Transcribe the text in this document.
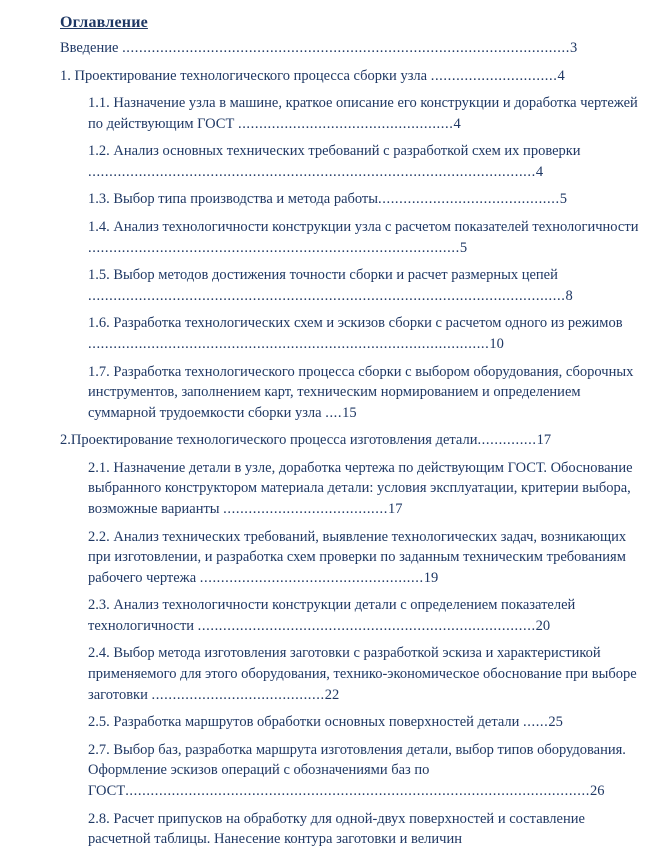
Оглавление
Введение ..........................................................................................................3
1. Проектирование технологического процесса сборки узла ..............................4
1.1. Назначение узла в машине, краткое описание его конструкции и доработка чертежей по действующим ГОСТ ...................................................4
1.2. Анализ основных технических требований с разработкой схем их проверки ..........................................................................................................4
1.3. Выбор типа производства и метода работы...........................................5
1.4. Анализ технологичности конструкции узла с расчетом показателей технологичности ........................................................................................5
1.5. Выбор методов достижения точности сборки и расчет размерных цепей .................................................................................................................8
1.6. Разработка технологических схем и эскизов сборки с расчетом одного из режимов ...............................................................................................10
1.7. Разработка технологического процесса сборки с выбором оборудования, сборочных инструментов, заполнением карт, техническим нормированием и определением суммарной трудоемкости сборки узла ....15
2.Проектирование технологического процесса изготовления детали..............17
2.1. Назначение детали в узле, доработка чертежа по действующим ГОСТ. Обоснование выбранного конструктором материала детали: условия эксплуатации, критерии выбора, возможные варианты .......................................17
2.2. Анализ технических требований, выявление технологических задач, возникающих при изготовлении, и разработка схем проверки по заданным техническим требованиям рабочего чертежа .....................................................19
2.3. Анализ технологичности конструкции детали с определением показателей технологичности ................................................................................20
2.4. Выбор метода изготовления заготовки с разработкой эскиза и характеристикой применяемого для этого оборудования, технико-экономическое обоснование при выборе заготовки .........................................22
2.5. Разработка маршрутов обработки основных поверхностей детали ......25
2.7. Выбор баз, разработка маршрута изготовления детали, выбор типов оборудования. Оформление эскизов операций с обозначениями баз по ГОСТ..............................................................................................................26
2.8. Расчет припусков на обработку для одной-двух поверхностей и составление расчетной таблицы. Нанесение контура заготовки и величин
